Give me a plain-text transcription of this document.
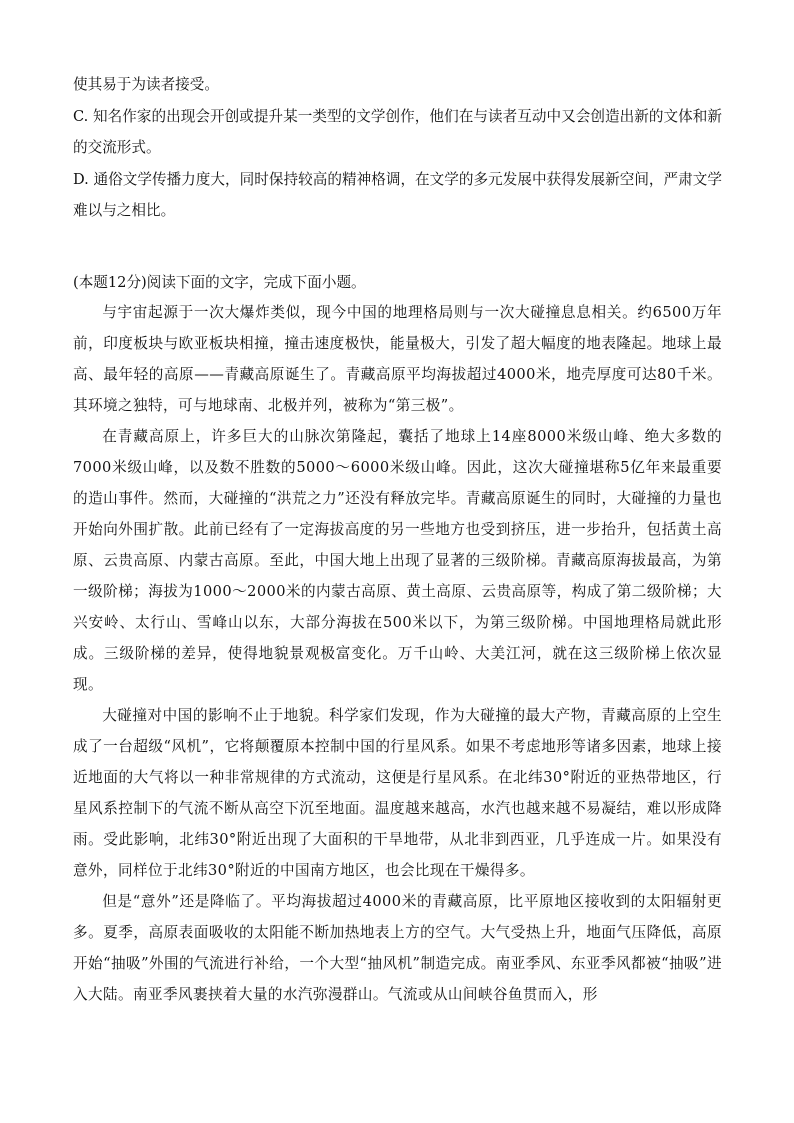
使其易于为读者接受。

C. 知名作家的出现会开创或提升某一类型的文学创作，他们在与读者互动中又会创造出新的文体和新的交流形式。

D. 通俗文学传播力度大，同时保持较高的精神格调，在文学的多元发展中获得发展新空间，严肃文学难以与之相比。

(本题12分)阅读下面的文字，完成下面小题。

与宇宙起源于一次大爆炸类似，现今中国的地理格局则与一次大碰撞息息相关。约6500万年前，印度板块与欧亚板块相撞，撞击速度极快，能量极大，引发了超大幅度的地表隆起。地球上最高、最年轻的高原——青藏高原诞生了。青藏高原平均海拔超过4000米，地壳厚度可达80千米。其环境之独特，可与地球南、北极并列，被称为“第三极”。

在青藏高原上，许多巨大的山脉次第隆起，囊括了地球上14座8000米级山峰、绝大多数的7000米级山峰，以及数不胜数的5000～6000米级山峰。因此，这次大碰撞堪称5亿年来最重要的造山事件。然而，大碰撞的“洪荒之力”还没有释放完毕。青藏高原诞生的同时，大碰撞的力量也开始向外围扩散。此前已经有了一定海拔高度的另一些地方也受到挤压，进一步抬升，包括黄土高原、云贵高原、内蒙古高原。至此，中国大地上出现了显著的三级阶梯。青藏高原海拔最高，为第一级阶梯；海拔为1000～2000米的内蒙古高原、黄土高原、云贵高原等，构成了第二级阶梯；大兴安岭、太行山、雪峰山以东，大部分海拔在500米以下，为第三级阶梯。中国地理格局就此形成。三级阶梯的差异，使得地貌景观极富变化。万千山岭、大美江河，就在这三级阶梯上依次显现。

大碰撞对中国的影响不止于地貌。科学家们发现，作为大碰撞的最大产物，青藏高原的上空生成了一台超级“风机”，它将颠覆原本控制中国的行星风系。如果不考虑地形等诸多因素，地球上接近地面的大气将以一种非常规律的方式流动，这便是行星风系。在北纬30°附近的亚热带地区，行星风系控制下的气流不断从高空下沉至地面。温度越来越高，水汽也越来越不易凝结，难以形成降雨。受此影响，北纬30°附近出现了大面积的干旱地带，从北非到西亚，几乎连成一片。如果没有意外，同样位于北纬30°附近的中国南方地区，也会比现在干燥得多。

但是“意外”还是降临了。平均海拔超过4000米的青藏高原，比平原地区接收到的太阳辐射更多。夏季，高原表面吸收的太阳能不断加热地表上方的空气。大气受热上升，地面气压降低，高原开始“抽吸”外围的气流进行补给，一个大型“抽风机”制造完成。南亚季风、东亚季风都被“抽吸”进入大陆。南亚季风裹挟着大量的水汽弥漫群山。气流或从山间峡谷鱼贯而入，形
